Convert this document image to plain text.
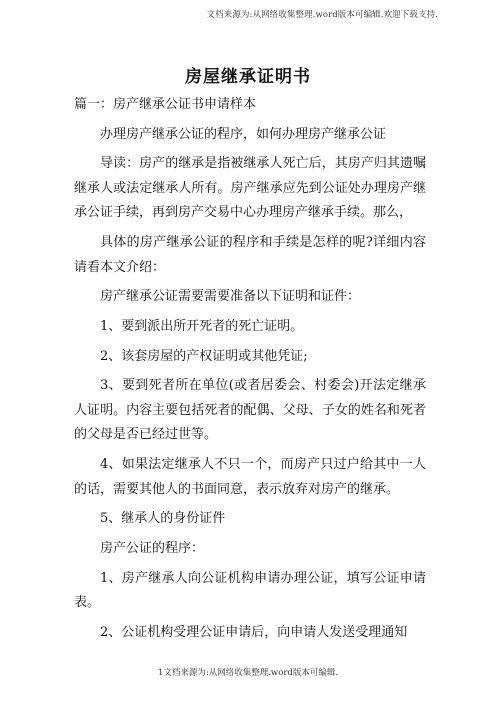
文档来源为:从网络收集整理.word版本可编辑.欢迎下载支持.
房屋继承证明书

篇一：房产继承公证书申请样本

办理房产继承公证的程序，如何办理房产继承公证

导读：房产的继承是指被继承人死亡后，其房产归其遗嘱继承人或法定继承人所有。房产继承应先到公证处办理房产继承公证手续，再到房产交易中心办理房产继承手续。那么，

具体的房产继承公证的程序和手续是怎样的呢?详细内容请看本文介绍：

房产继承公证需要需要准备以下证明和证件：

1、要到派出所开死者的死亡证明。

2、该套房屋的产权证明或其他凭证;

3、要到死者所在单位(或者居委会、村委会)开法定继承人证明。内容主要包括死者的配偶、父母、子女的姓名和死者的父母是否已经过世等。

4、如果法定继承人不只一个，而房产只过户给其中一人的话，需要其他人的书面同意，表示放弃对房产的继承。

5、继承人的身份证件

房产公证的程序：

1、房产继承人向公证机构申请办理公证，填写公证申请表。

2、公证机构受理公证申请后，向申请人发送受理通知

1文档来源为:从网络收集整理.word版本可编辑.
